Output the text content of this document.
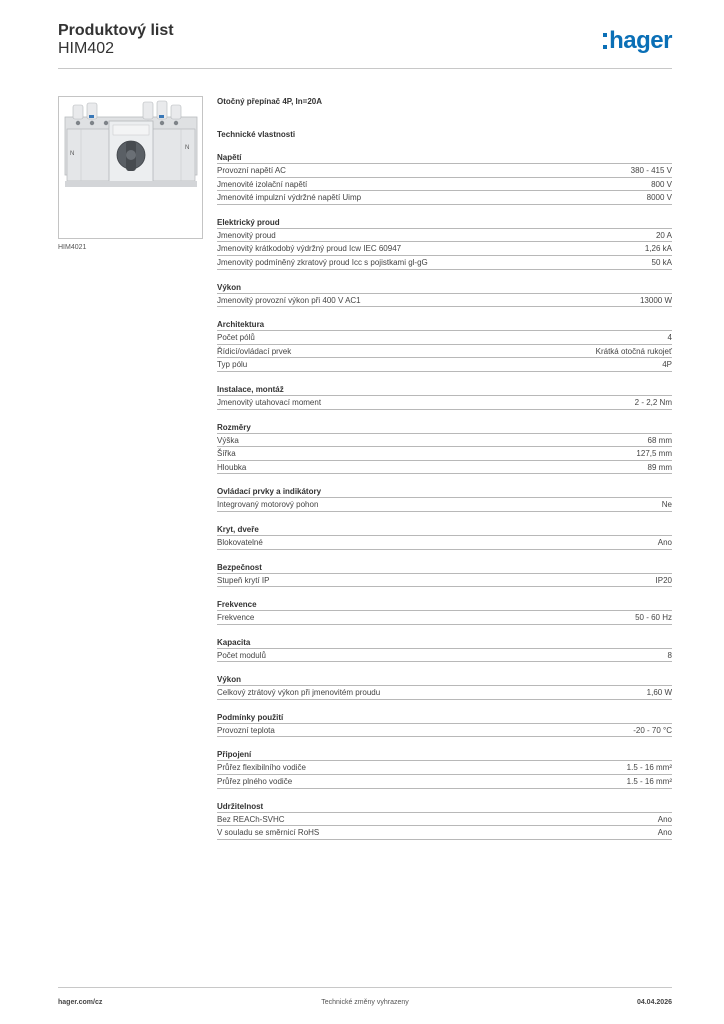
Produktový list
HIM402	hager
N
N
HIM4021
Otočný přepínač 4P, In=20A
Technické vlastnosti
Napětí
Provozní napětí AC	380 - 415 V
Jmenovité izolační napětí	800 V
Jmenovité impulzní výdržné napětí Uimp	8000 V
Elektrický proud
Jmenovitý proud	20 A
Jmenovitý krátkodobý výdržný proud Icw IEC 60947	1,26 kA
Jmenovitý podmíněný zkratový proud Icc s pojistkami gl-gG	50 kA
Výkon
Jmenovitý provozní výkon při 400 V AC1	13000 W
Architektura
Počet pólů	4
Řídicí/ovládací prvek	Krátká otočná rukojeť
Typ pólu	4P
Instalace, montáž
Jmenovitý utahovací moment	2 - 2,2 Nm
Rozměry
Výška	68 mm
Šířka	127,5 mm
Hloubka	89 mm
Ovládací prvky a indikátory
Integrovaný motorový pohon	Ne
Kryt, dveře
Blokovatelné	Ano
Bezpečnost
Stupeň krytí IP	IP20
Frekvence
Frekvence	50 - 60 Hz
Kapacita
Počet modulů	8
Výkon
Celkový ztrátový výkon při jmenovitém proudu	1,60 W
Podmínky použití
Provozní teplota	-20 - 70 °C
Připojení
Průřez flexibilního vodiče	1.5 - 16 mm²
Průřez plného vodiče	1.5 - 16 mm²
Udržitelnost
Bez REACh-SVHC	Ano
V souladu se směrnicí RoHS	Ano
hager.com/cz	Technické změny vyhrazeny	04.04.2026
